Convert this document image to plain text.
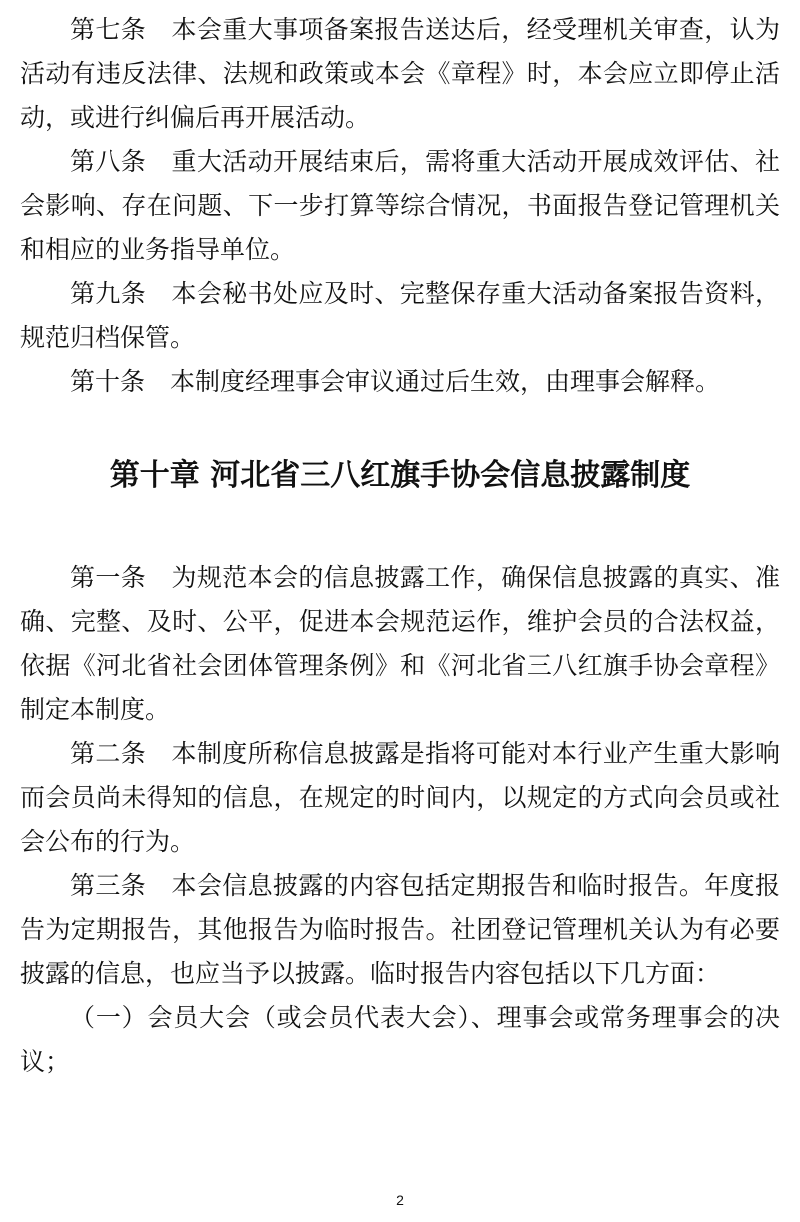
第七条　本会重大事项备案报告送达后，经受理机关审查，认为活动有违反法律、法规和政策或本会《章程》时，本会应立即停止活动，或进行纠偏后再开展活动。

第八条　重大活动开展结束后，需将重大活动开展成效评估、社会影响、存在问题、下一步打算等综合情况，书面报告登记管理机关和相应的业务指导单位。

第九条　本会秘书处应及时、完整保存重大活动备案报告资料，规范归档保管。

第十条　本制度经理事会审议通过后生效，由理事会解释。

第十章 河北省三八红旗手协会信息披露制度

第一条　为规范本会的信息披露工作，确保信息披露的真实、准确、完整、及时、公平，促进本会规范运作，维护会员的合法权益，依据《河北省社会团体管理条例》和《河北省三八红旗手协会章程》制定本制度。

第二条　本制度所称信息披露是指将可能对本行业产生重大影响而会员尚未得知的信息，在规定的时间内，以规定的方式向会员或社会公布的行为。

第三条　本会信息披露的内容包括定期报告和临时报告。年度报告为定期报告，其他报告为临时报告。社团登记管理机关认为有必要披露的信息，也应当予以披露。临时报告内容包括以下几方面：

（一）会员大会（或会员代表大会）、理事会或常务理事会的决议；

2
